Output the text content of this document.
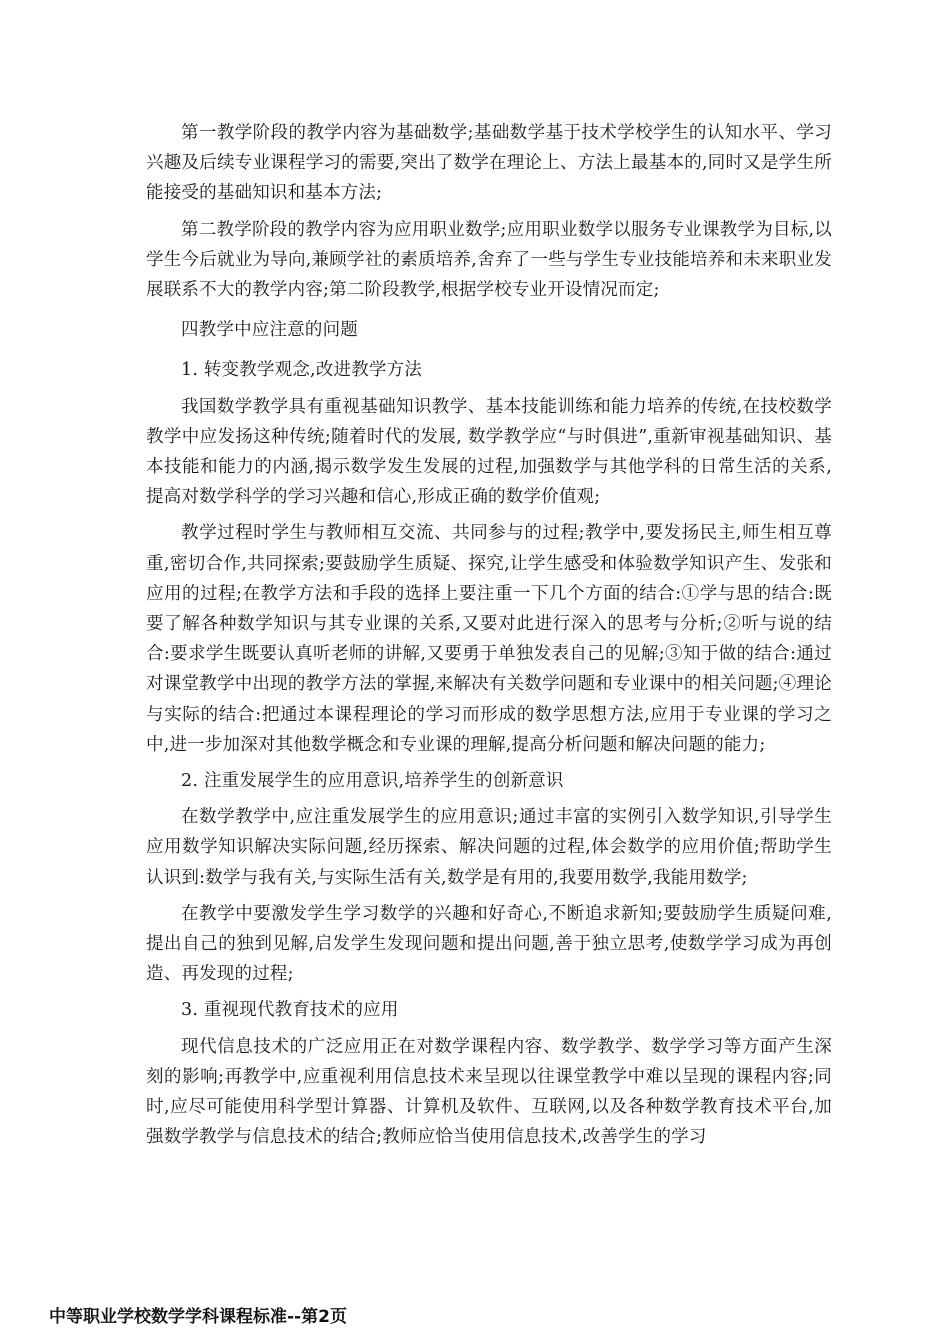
第一教学阶段的教学内容为基础数学;基础数学基于技术学校学生的认知水平、学习兴趣及后续专业课程学习的需要,突出了数学在理论上、方法上最基本的,同时又是学生所能接受的基础知识和基本方法;

第二教学阶段的教学内容为应用职业数学;应用职业数学以服务专业课教学为目标,以学生今后就业为导向,兼顾学社的素质培养,舍弃了一些与学生专业技能培养和未来职业发展联系不大的教学内容;第二阶段教学,根据学校专业开设情况而定;

四教学中应注意的问题

1. 转变教学观念,改进教学方法

我国数学教学具有重视基础知识教学、基本技能训练和能力培养的传统,在技校数学教学中应发扬这种传统;随着时代的发展, 数学教学应“与时俱进”,重新审视基础知识、基本技能和能力的内涵,揭示数学发生发展的过程,加强数学与其他学科的日常生活的关系,提高对数学科学的学习兴趣和信心,形成正确的数学价值观;

教学过程时学生与教师相互交流、共同参与的过程;教学中,要发扬民主,师生相互尊重,密切合作,共同探索;要鼓励学生质疑、探究,让学生感受和体验数学知识产生、发张和应用的过程;在教学方法和手段的选择上要注重一下几个方面的结合:①学与思的结合:既要了解各种数学知识与其专业课的关系,又要对此进行深入的思考与分析;②听与说的结合:要求学生既要认真听老师的讲解,又要勇于单独发表自己的见解;③知于做的结合:通过对课堂教学中出现的教学方法的掌握,来解决有关数学问题和专业课中的相关问题;④理论与实际的结合:把通过本课程理论的学习而形成的数学思想方法,应用于专业课的学习之中,进一步加深对其他数学概念和专业课的理解,提高分析问题和解决问题的能力;

2. 注重发展学生的应用意识,培养学生的创新意识

在数学教学中,应注重发展学生的应用意识;通过丰富的实例引入数学知识,引导学生应用数学知识解决实际问题,经历探索、解决问题的过程,体会数学的应用价值;帮助学生认识到:数学与我有关,与实际生活有关,数学是有用的,我要用数学,我能用数学;

在教学中要激发学生学习数学的兴趣和好奇心,不断追求新知;要鼓励学生质疑问难,提出自己的独到见解,启发学生发现问题和提出问题,善于独立思考,使数学学习成为再创造、再发现的过程;

3. 重视现代教育技术的应用

现代信息技术的广泛应用正在对数学课程内容、数学教学、数学学习等方面产生深刻的影响;再教学中,应重视利用信息技术来呈现以往课堂教学中难以呈现的课程内容;同时,应尽可能使用科学型计算器、计算机及软件、互联网,以及各种数学教育技术平台,加强数学教学与信息技术的结合;教师应恰当使用信息技术,改善学生的学习

中等职业学校数学学科课程标准--第2页
